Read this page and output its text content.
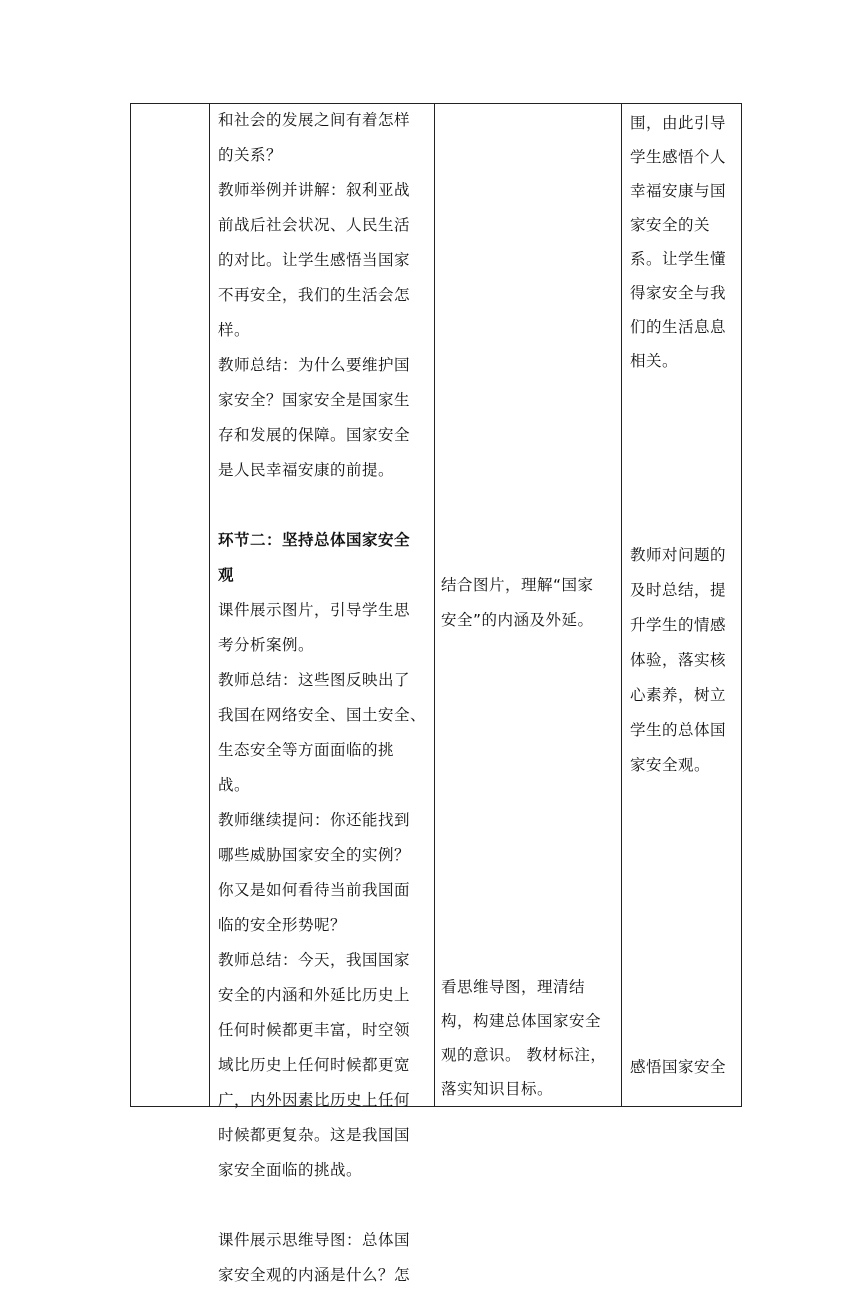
和社会的发展之间有着怎样

的关系？

教师举例并讲解：叙利亚战

前战后社会状况、人民生活

的对比。让学生感悟当国家

不再安全，我们的生活会怎

样。

教师总结：为什么要维护国

家安全？国家安全是国家生

存和发展的保障。国家安全

是人民幸福安康的前提。

环节二：坚持总体国家安全

观

课件展示图片，引导学生思

考分析案例。

教师总结：这些图反映出了

我国在网络安全、国土安全、

生态安全等方面面临的挑

战。

教师继续提问：你还能找到

哪些威胁国家安全的实例？

你又是如何看待当前我国面

临的安全形势呢？

教师总结：今天，我国国家

安全的内涵和外延比历史上

任何时候都更丰富，时空领

域比历史上任何时候都更宽

广，内外因素比历史上任何

时候都更复杂。这是我国国

家安全面临的挑战。

课件展示思维导图：总体国

家安全观的内涵是什么？怎

结合图片，理解“国家

安全”的内涵及外延。

看思维导图，理清结

构，构建总体国家安全

观的意识。 教材标注，

落实知识目标。

围，由此引导

学生感悟个人

幸福安康与国

家安全的关

系。让学生懂

得家安全与我

们的生活息息

相关。

教师对问题的

及时总结，提

升学生的情感

体验，落实核

心素养，树立

学生的总体国

家安全观。

感悟国家安全
